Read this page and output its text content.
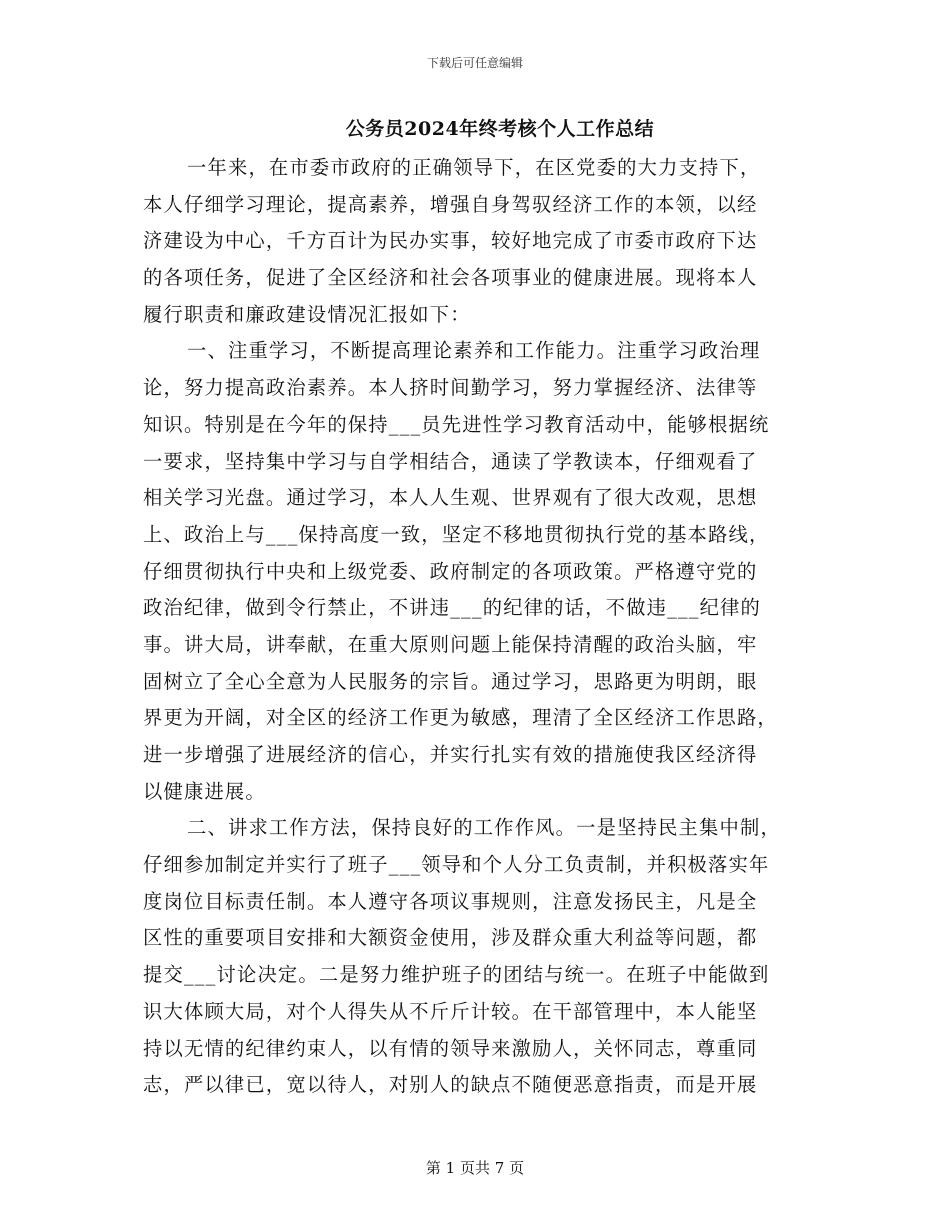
下载后可任意编辑
公务员2024年终考核个人工作总结
一年来，在市委市政府的正确领导下，在区党委的大力支持下，
本人仔细学习理论，提高素养，增强自身驾驭经济工作的本领，以经
济建设为中心，千方百计为民办实事，较好地完成了市委市政府下达
的各项任务，促进了全区经济和社会各项事业的健康进展。现将本人
履行职责和廉政建设情况汇报如下：
一、注重学习，不断提高理论素养和工作能力。注重学习政治理
论，努力提高政治素养。本人挤时间勤学习，努力掌握经济、法律等
知识。特别是在今年的保持___员先进性学习教育活动中，能够根据统
一要求，坚持集中学习与自学相结合，通读了学教读本，仔细观看了
相关学习光盘。通过学习，本人人生观、世界观有了很大改观，思想
上、政治上与___保持高度一致，坚定不移地贯彻执行党的基本路线，
仔细贯彻执行中央和上级党委、政府制定的各项政策。严格遵守党的
政治纪律，做到令行禁止，不讲违___的纪律的话，不做违___纪律的
事。讲大局，讲奉献，在重大原则问题上能保持清醒的政治头脑，牢
固树立了全心全意为人民服务的宗旨。通过学习，思路更为明朗，眼
界更为开阔，对全区的经济工作更为敏感，理清了全区经济工作思路，
进一步增强了进展经济的信心，并实行扎实有效的措施使我区经济得
以健康进展。
二、讲求工作方法，保持良好的工作作风。一是坚持民主集中制，
仔细参加制定并实行了班子___领导和个人分工负责制，并积极落实年
度岗位目标责任制。本人遵守各项议事规则，注意发扬民主，凡是全
区性的重要项目安排和大额资金使用，涉及群众重大利益等问题，都
提交___讨论决定。二是努力维护班子的团结与统一。在班子中能做到
识大体顾大局，对个人得失从不斤斤计较。在干部管理中，本人能坚
持以无情的纪律约束人，以有情的领导来激励人，关怀同志，尊重同
志，严以律已，宽以待人，对别人的缺点不随便恶意指责，而是开展
第 1 页共 7 页
